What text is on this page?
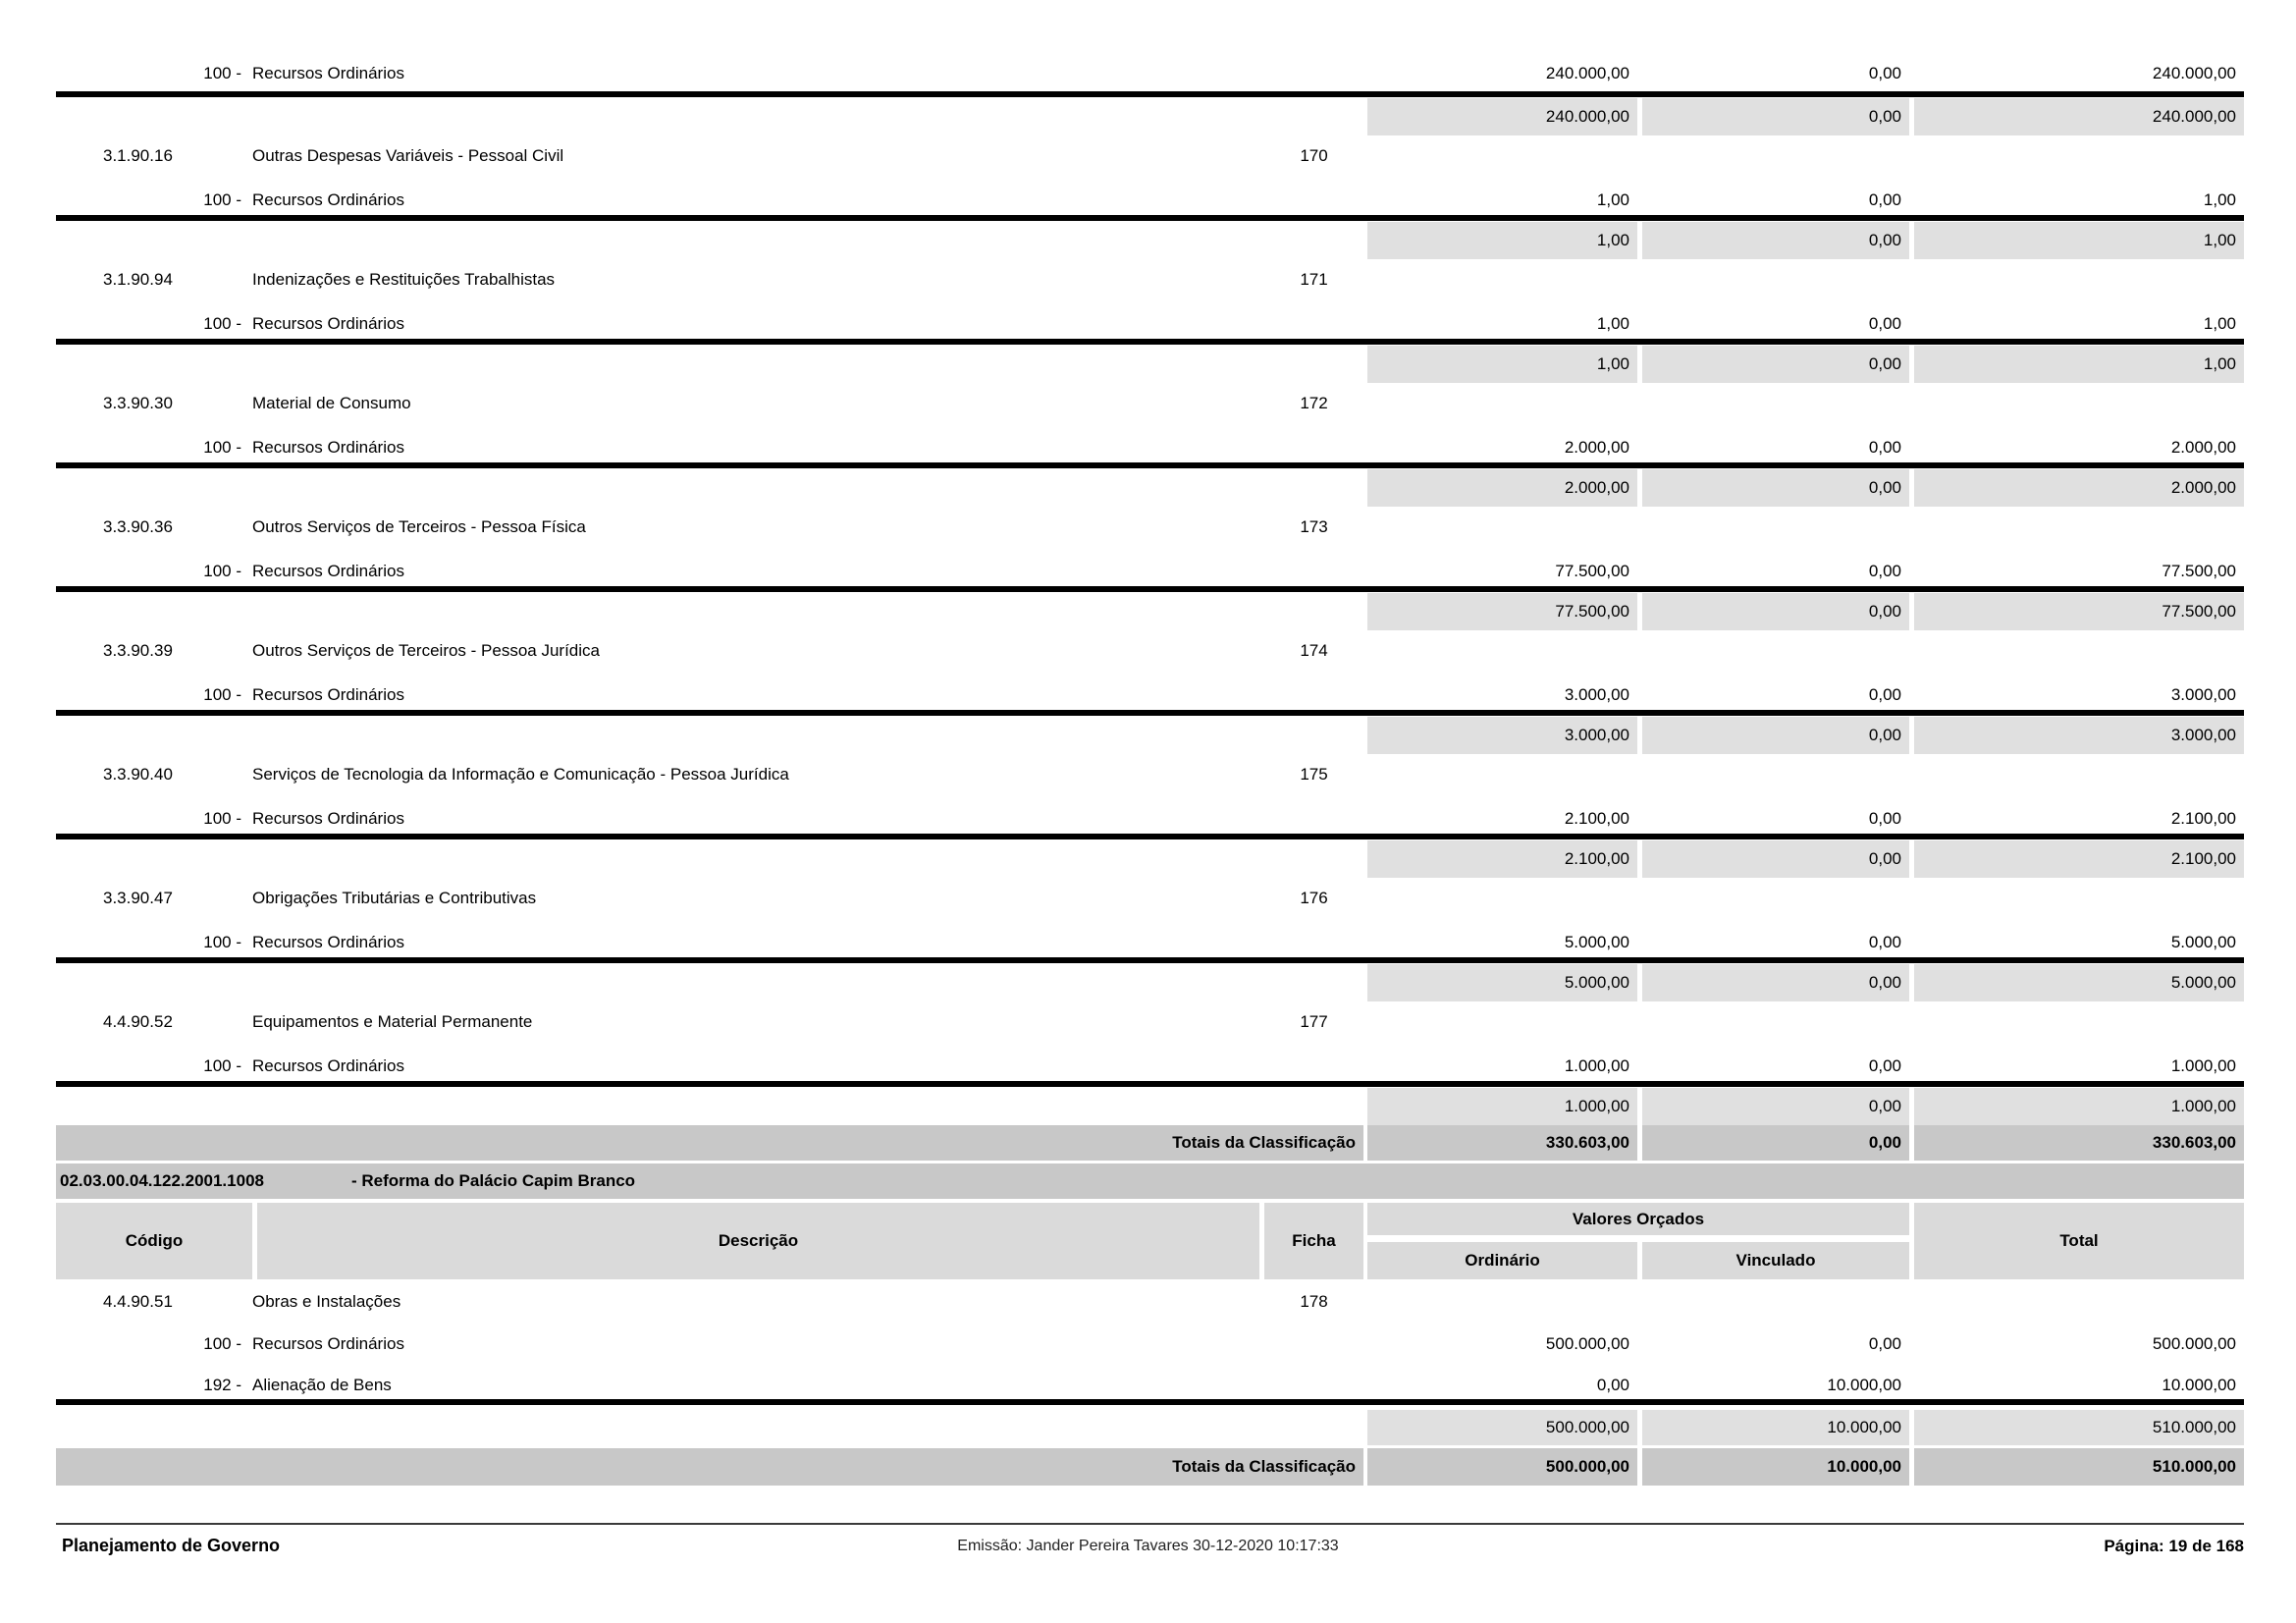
100 - Recursos Ordinários	240.000,00	0,00	240.000,00
240.000,00	0,00	240.000,00
3.1.90.16	Outras Despesas Variáveis - Pessoal Civil	170
100 - Recursos Ordinários	1,00	0,00	1,00
1,00	0,00	1,00
3.1.90.94	Indenizações e Restituições Trabalhistas	171
100 - Recursos Ordinários	1,00	0,00	1,00
1,00	0,00	1,00
3.3.90.30	Material de Consumo	172
100 - Recursos Ordinários	2.000,00	0,00	2.000,00
2.000,00	0,00	2.000,00
3.3.90.36	Outros Serviços de Terceiros - Pessoa Física	173
100 - Recursos Ordinários	77.500,00	0,00	77.500,00
77.500,00	0,00	77.500,00
3.3.90.39	Outros Serviços de Terceiros - Pessoa Jurídica	174
100 - Recursos Ordinários	3.000,00	0,00	3.000,00
3.000,00	0,00	3.000,00
3.3.90.40	Serviços de Tecnologia da Informação e Comunicação - Pessoa Jurídica	175
100 - Recursos Ordinários	2.100,00	0,00	2.100,00
2.100,00	0,00	2.100,00
3.3.90.47	Obrigações Tributárias e Contributivas	176
100 - Recursos Ordinários	5.000,00	0,00	5.000,00
5.000,00	0,00	5.000,00
4.4.90.52	Equipamentos e Material Permanente	177
100 - Recursos Ordinários	1.000,00	0,00	1.000,00
1.000,00	0,00	1.000,00
Totais da Classificação	330.603,00	0,00	330.603,00
02.03.00.04.122.2001.1008	- Reforma do Palácio Capim Branco
Código	Descrição	Ficha
Valores Orçados
Ordinário	Vinculado
Total
4.4.90.51	Obras e Instalações	178
100 - Recursos Ordinários	500.000,00	0,00	500.000,00
192 - Alienação de Bens	0,00	10.000,00	10.000,00
500.000,00	10.000,00	510.000,00
Totais da Classificação	500.000,00	10.000,00	510.000,00
Planejamento de Governo	Emissão: Jander Pereira Tavares 30-12-2020 10:17:33	Página: 19 de 168
